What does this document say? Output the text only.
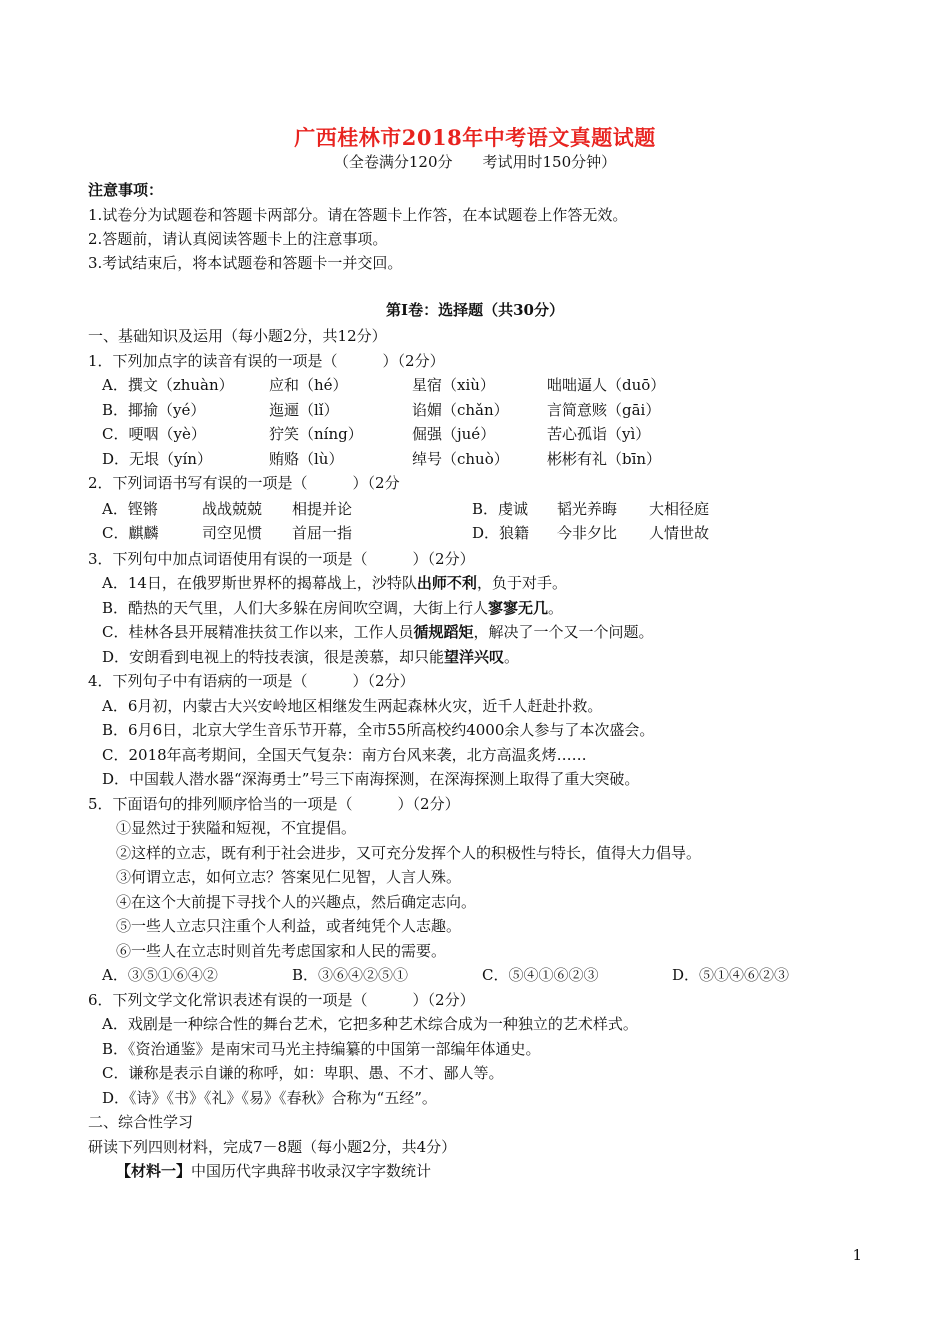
广西桂林市2018年中考语文真题试题
（全卷满分120分　　考试用时150分钟）
注意事项：
1.试卷分为试题卷和答题卡两部分。请在答题卡上作答，在本试题卷上作答无效。
2.答题前，请认真阅读答题卡上的注意事项。
3.考试结束后，将本试题卷和答题卡一并交回。
第Ⅰ卷：选择题（共30分）
一、基础知识及运用（每小题2分，共12分）
1．下列加点字的读音有误的一项是（　　　）（2分）
A．撰文（zhuàn） 应和（hé）	星宿（xiù）	咄咄逼人（duō）
B．揶揄（yé）	迤逦（lǐ）	谄媚（chǎn）	言简意赅（gāi）
C．哽咽（yè）	狞笑（níng）	倔强（jué）	苦心孤诣（yì）
D．无垠（yín）	贿赂（lù）	绰号（chuò）	彬彬有礼（bīn）
2．下列词语书写有误的一项是（　　　）（2分
A．铿锵	战战兢兢 相提并论	B．虔诚 韬光养晦 大相径庭
C．麒麟	司空见惯 首屈一指	D．狼籍 今非夕比 人情世故
3．下列句中加点词语使用有误的一项是（　　　）（2分）
A．14日，在俄罗斯世界杯的揭幕战上，沙特队出师不利，负于对手。
B．酷热的天气里，人们大多躲在房间吹空调，大街上行人寥寥无几。
C．桂林各县开展精准扶贫工作以来，工作人员循规蹈矩，解决了一个又一个问题。
D．安朗看到电视上的特技表演，很是羡慕，却只能望洋兴叹。
4．下列句子中有语病的一项是（　　　）（2分）
A．6月初，内蒙古大兴安岭地区相继发生两起森林火灾，近千人赶赴扑救。
B．6月6日，北京大学生音乐节开幕，全市55所高校约4000余人参与了本次盛会。
C．2018年高考期间，全国天气复杂：南方台风来袭，北方高温炙烤……
D．中国载人潜水器“深海勇士”号三下南海探测，在深海探测上取得了重大突破。
5．下面语句的排列顺序恰当的一项是（　　　）（2分）
①显然过于狭隘和短视，不宜提倡。
②这样的立志，既有利于社会进步，又可充分发挥个人的积极性与特长，值得大力倡导。
③何谓立志，如何立志？答案见仁见智，人言人殊。
④在这个大前提下寻找个人的兴趣点，然后确定志向。
⑤一些人立志只注重个人利益，或者纯凭个人志趣。
⑥一些人在立志时则首先考虑国家和人民的需要。
A．③⑤①⑥④②	B．③⑥④②⑤①	C．⑤④①⑥②③	D．⑤①④⑥②③
6．下列文学文化常识表述有误的一项是（　　　）（2分）
A．戏剧是一种综合性的舞台艺术，它把多种艺术综合成为一种独立的艺术样式。
B．《资治通鉴》是南宋司马光主持编纂的中国第一部编年体通史。
C．谦称是表示自谦的称呼，如：卑职、愚、不才、鄙人等。
D．《诗》《书》《礼》《易》《春秋》合称为“五经”。
二、综合性学习
研读下列四则材料，完成7－8题（每小题2分，共4分）
【材料一】中国历代字典辞书收录汉字字数统计
1
